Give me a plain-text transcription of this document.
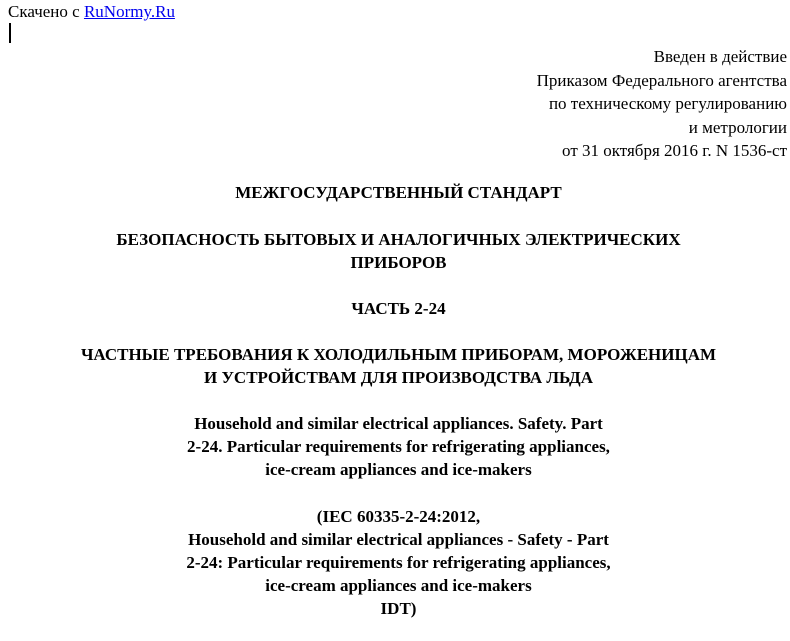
Скачено с RuNormy.Ru
Введен в действие
Приказом Федерального агентства
по техническому регулированию
и метрологии
от 31 октября 2016 г. N 1536-ст
МЕЖГОСУДАРСТВЕННЫЙ СТАНДАРТ
БЕЗОПАСНОСТЬ БЫТОВЫХ И АНАЛОГИЧНЫХ ЭЛЕКТРИЧЕСКИХ
ПРИБОРОВ
ЧАСТЬ 2-24
ЧАСТНЫЕ ТРЕБОВАНИЯ К ХОЛОДИЛЬНЫМ ПРИБОРАМ, МОРОЖЕНИЦАМ
И УСТРОЙСТВАМ ДЛЯ ПРОИЗВОДСТВА ЛЬДА
Household and similar electrical appliances. Safety. Part
2-24. Particular requirements for refrigerating appliances,
ice-cream appliances and ice-makers
(IEC 60335-2-24:2012,
Household and similar electrical appliances - Safety - Part
2-24: Particular requirements for refrigerating appliances,
ice-cream appliances and ice-makers
IDT)
